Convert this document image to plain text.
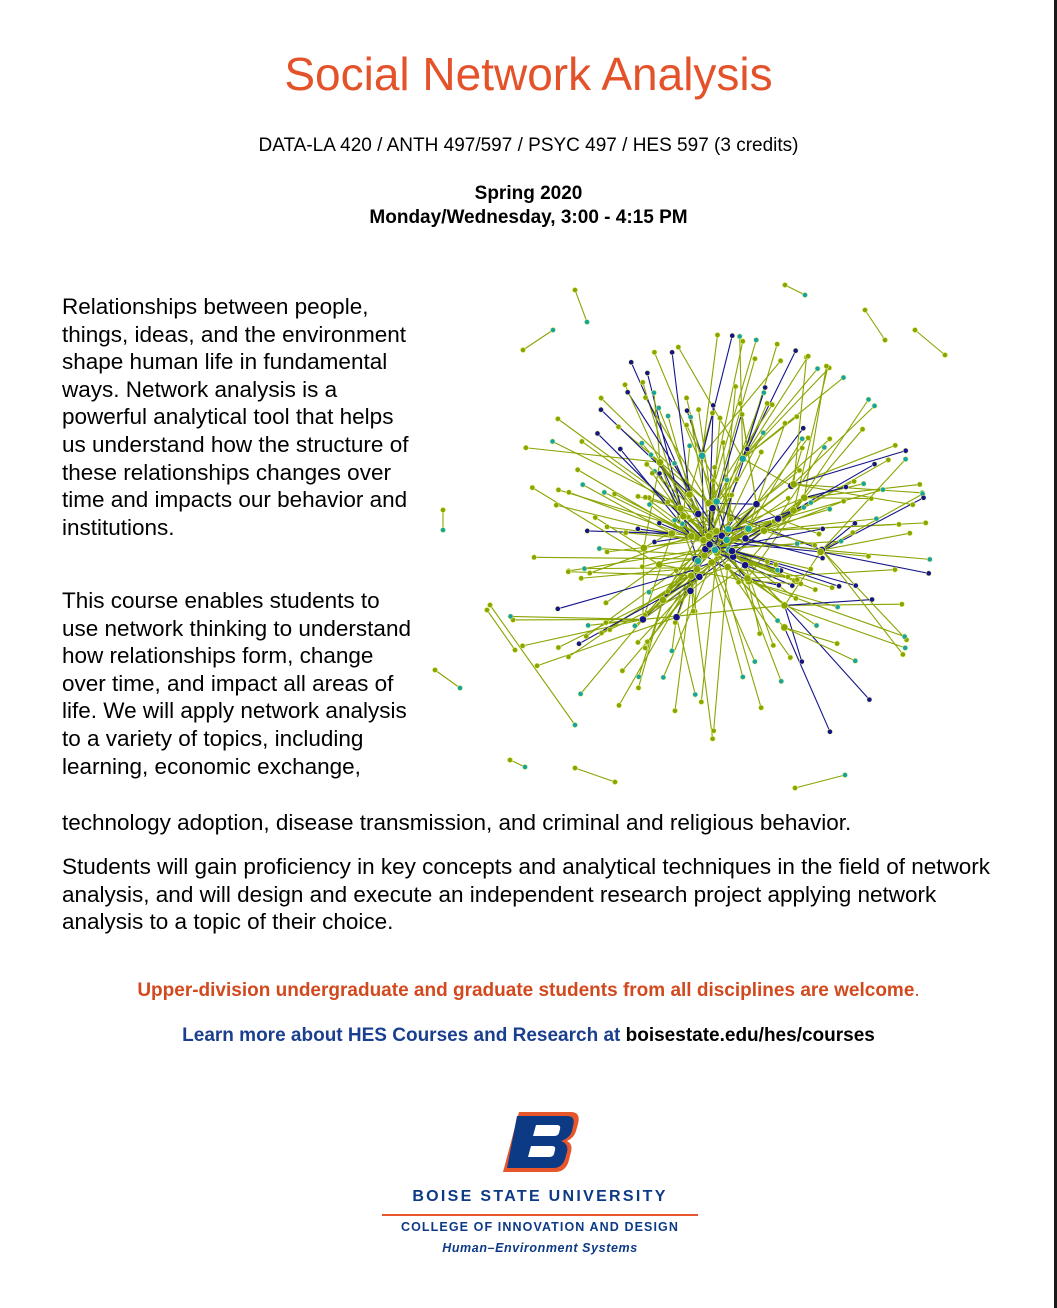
Social Network Analysis
DATA-LA 420 / ANTH 497/597 / PSYC 497 / HES 597 (3 credits)
Spring 2020
Monday/Wednesday, 3:00 - 4:15 PM
Relationships between people, things, ideas, and the environment shape human life in fundamental ways. Network analysis is a powerful analytical tool that helps us understand how the structure of these relationships changes over time and impacts our behavior and institutions.
This course enables students to use network thinking to understand how relationships form, change over time, and impact all areas of life. We will apply network analysis to a variety of topics, including learning, economic exchange,
technology adoption, disease transmission, and criminal and religious behavior.
Students will gain proficiency in key concepts and analytical techniques in the field of network analysis, and will design and execute an independent research project applying network analysis to a topic of their choice.
Upper-division undergraduate and graduate students from all disciplines are welcome.
Learn more about HES Courses and Research at boisestate.edu/hes/courses
BOISE STATE UNIVERSITY
COLLEGE OF INNOVATION AND DESIGN
Human–Environment Systems
